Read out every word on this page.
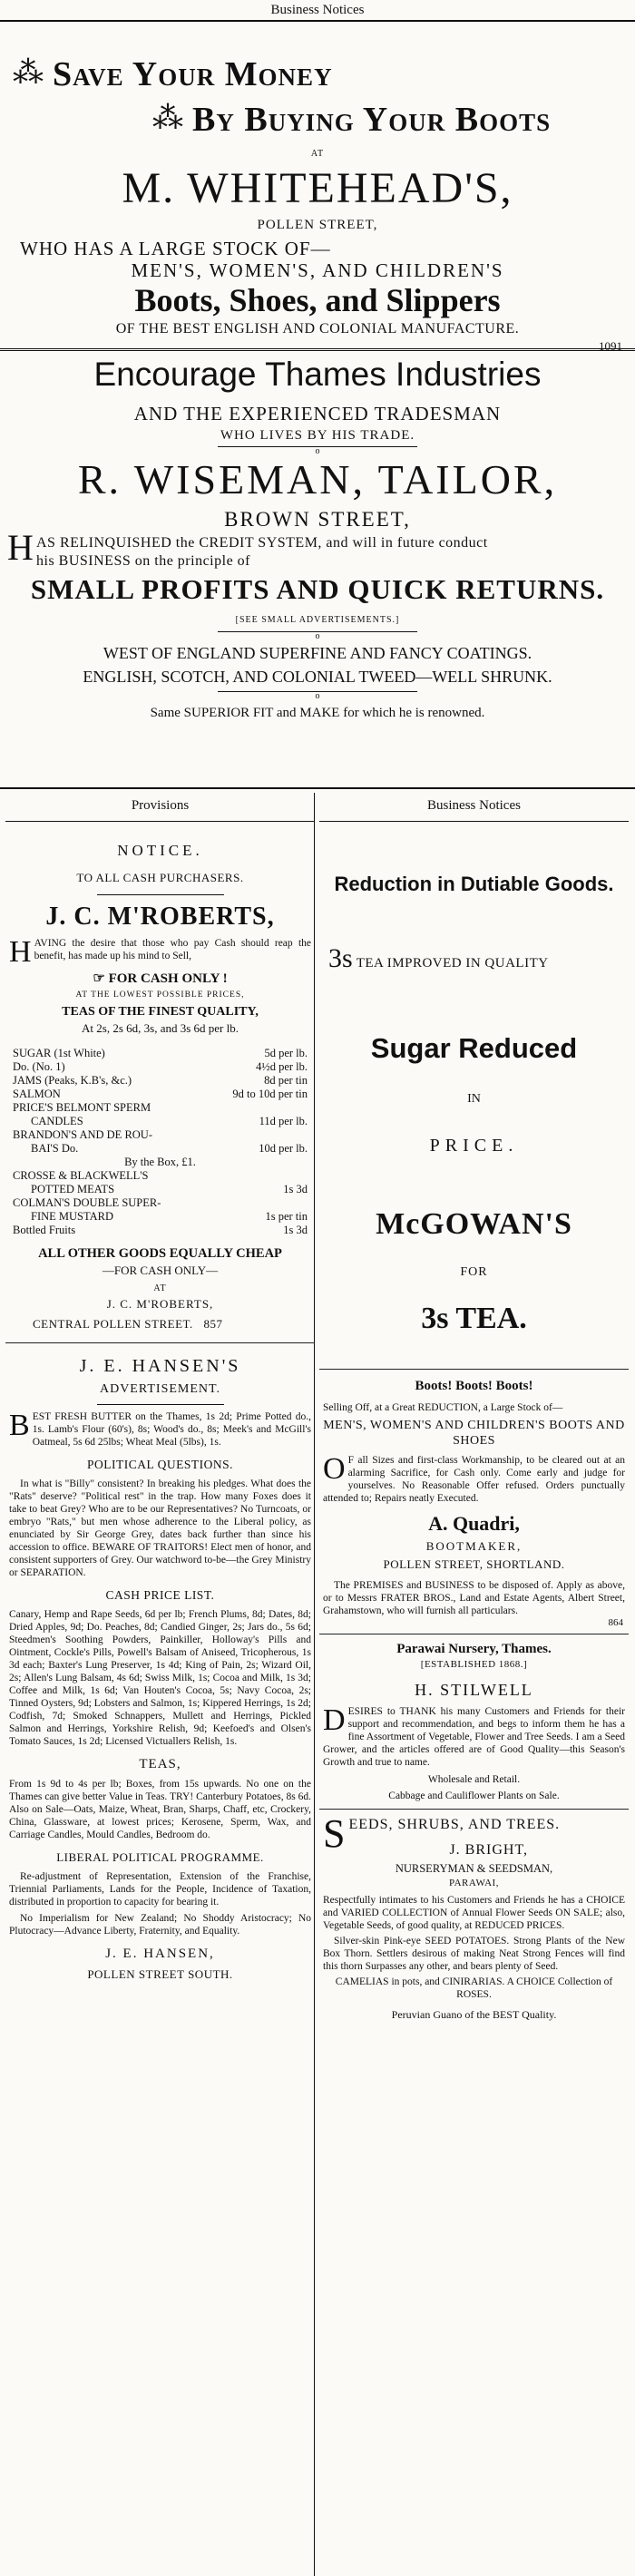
Business Notices
⁂ Save Your Money
⁂ By Buying Your Boots
AT
M. WHITEHEAD'S,
POLLEN STREET,
WHO HAS A LARGE STOCK OF—
MEN'S, WOMEN'S, AND CHILDREN'S
Boots, Shoes, and Slippers
OF THE BEST ENGLISH AND COLONIAL MANUFACTURE.
1091
Encourage Thames Industries
AND THE EXPERIENCED TRADESMAN
WHO LIVES BY HIS TRADE.
o
R. WISEMAN, TAILOR,
BROWN STREET,
H AS RELINQUISHED the CREDIT SYSTEM, and will in future conduct
his BUSINESS on the principle of
SMALL PROFITS AND QUICK RETURNS.
[SEE SMALL ADVERTISEMENTS.]
o
WEST OF ENGLAND SUPERFINE AND FANCY COATINGS.
ENGLISH, SCOTCH, AND COLONIAL TWEED—WELL SHRUNK.
o
Same SUPERIOR FIT and MAKE for which he is renowned.
Provisions
NOTICE.
TO ALL CASH PURCHASERS.
J. C. M'ROBERTS,
HAVING the desire that those who pay Cash should reap the benefit, has made up his mind to Sell,
☞ FOR CASH ONLY !
AT THE LOWEST POSSIBLE PRICES,
TEAS OF THE FINEST QUALITY,
At 2s, 2s 6d, 3s, and 3s 6d per lb.
SUGAR (1st White)	5d per lb.
Do. (No. 1)	4½d per lb.
JAMS (Peaks, K.B's, &c.)	8d per tin
SALMON	9d to 10d per tin
PRICE'S BELMONT SPERM
CANDLES	11d per lb.
BRANDON'S AND DE ROU-
BAI'S Do.	10d per lb.
By the Box, £1.
CROSSE & BLACKWELL'S
POTTED MEATS	1s 3d
COLMAN'S DOUBLE SUPER-
FINE MUSTARD	1s per tin
Bottled Fruits	1s 3d
ALL OTHER GOODS EQUALLY CHEAP
—FOR CASH ONLY—
AT
J. C. M'ROBERTS,
CENTRAL POLLEN STREET. 857
J. E. HANSEN'S
ADVERTISEMENT.
BEST FRESH BUTTER on the Thames, 1s 2d; Prime Potted do., 1s. Lamb's Flour (60's), 8s; Wood's do., 8s; Meek's and McGill's Oatmeal, 5s 6d 25lbs; Wheat Meal (5lbs), 1s.
POLITICAL QUESTIONS.
In what is "Billy" consistent? In breaking his pledges. What does the "Rats" deserve? "Political rest" in the trap. How many Foxes does it take to beat Grey? Who are to be our Representatives? No Turncoats, or embryo "Rats," but men whose adherence to the Liberal policy, as enunciated by Sir George Grey, dates back further than since his accession to office. BEWARE OF TRAITORS! Elect men of honor, and consistent supporters of Grey. Our watchword to-be—the Grey Ministry or SEPARATION.
CASH PRICE LIST.
Canary, Hemp and Rape Seeds, 6d per lb; French Plums, 8d; Dates, 8d; Dried Apples, 9d; Do. Peaches, 8d; Candied Ginger, 2s; Jars do., 5s 6d; Steedmen's Soothing Powders, Painkiller, Holloway's Pills and Ointment, Cockle's Pills, Powell's Balsam of Aniseed, Tricopherous, 1s 3d each; Baxter's Lung Preserver, 1s 4d; King of Pain, 2s; Wizard Oil, 2s; Allen's Lung Balsam, 4s 6d; Swiss Milk, 1s; Cocoa and Milk, 1s 3d; Coffee and Milk, 1s 6d; Van Houten's Cocoa, 5s; Navy Cocoa, 2s; Tinned Oysters, 9d; Lobsters and Salmon, 1s; Kippered Herrings, 1s 2d; Codfish, 7d; Smoked Schnappers, Mullett and Herrings, Pickled Salmon and Herrings, Yorkshire Relish, 9d; Keefoed's and Olsen's Tomato Sauces, 1s 2d; Licensed Victuallers Relish, 1s.
TEAS,
From 1s 9d to 4s per lb; Boxes, from 15s upwards. No one on the Thames can give better Value in Teas. TRY! Canterbury Potatoes, 8s 6d. Also on Sale—Oats, Maize, Wheat, Bran, Sharps, Chaff, etc, Crockery, China, Glassware, at lowest prices; Kerosene, Sperm, Wax, and Carriage Candles, Mould Candles, Bedroom do.
LIBERAL POLITICAL PROGRAMME.
Re-adjustment of Representation, Extension of the Franchise, Triennial Parliaments, Lands for the People, Incidence of Taxation, distributed in proportion to capacity for bearing it.
No Imperialism for New Zealand; No Shoddy Aristocracy; No Plutocracy—Advance Liberty, Fraternity, and Equality.
J. E. HANSEN,
POLLEN STREET SOUTH.
Business Notices
Reduction in Dutiable Goods.
3s TEA IMPROVED IN QUALITY
Sugar Reduced
IN
PRICE.
McGOWAN'S
FOR
3s TEA.
Boots! Boots! Boots!
Selling Off, at a Great REDUCTION, a Large Stock of—
MEN'S, WOMEN'S AND CHILDREN'S BOOTS AND SHOES
O F all Sizes and first-class Workmanship, to be cleared out at an alarming Sacrifice, for Cash only. Come early and judge for yourselves. No Reasonable Offer refused. Orders punctually attended to; Repairs neatly Executed.
A. Quadri,
BOOTMAKER,
POLLEN STREET, SHORTLAND.
The PREMISES and BUSINESS to be disposed of. Apply as above, or to Messrs FRATER BROS., Land and Estate Agents, Albert Street, Grahamstown, who will furnish all particulars.
864
Parawai Nursery, Thames.
[ESTABLISHED 1868.]
H. STILWELL
DESIRES to THANK his many Customers and Friends for their support and recommendation, and begs to inform them he has a fine Assortment of Vegetable, Flower and Tree Seeds. I am a Seed Grower, and the articles offered are of Good Quality—this Season's Growth and true to name.
Wholesale and Retail.
Cabbage and Cauliflower Plants on Sale.
SEEDS, SHRUBS, AND TREES.
J. BRIGHT,
NURSERYMAN & SEEDSMAN,
PARAWAI,
Respectfully intimates to his Customers and Friends he has a CHOICE and VARIED COLLECTION of Annual Flower Seeds ON SALE; also, Vegetable Seeds, of good quality, at REDUCED PRICES.
Silver-skin Pink-eye SEED POTATOES. Strong Plants of the New Box Thorn. Settlers desirous of making Neat Strong Fences will find this thorn Surpasses any other, and bears plenty of Seed.
CAMELIAS in pots, and CINIRARIAS. A CHOICE Collection of ROSES.
Peruvian Guano of the BEST Quality.
